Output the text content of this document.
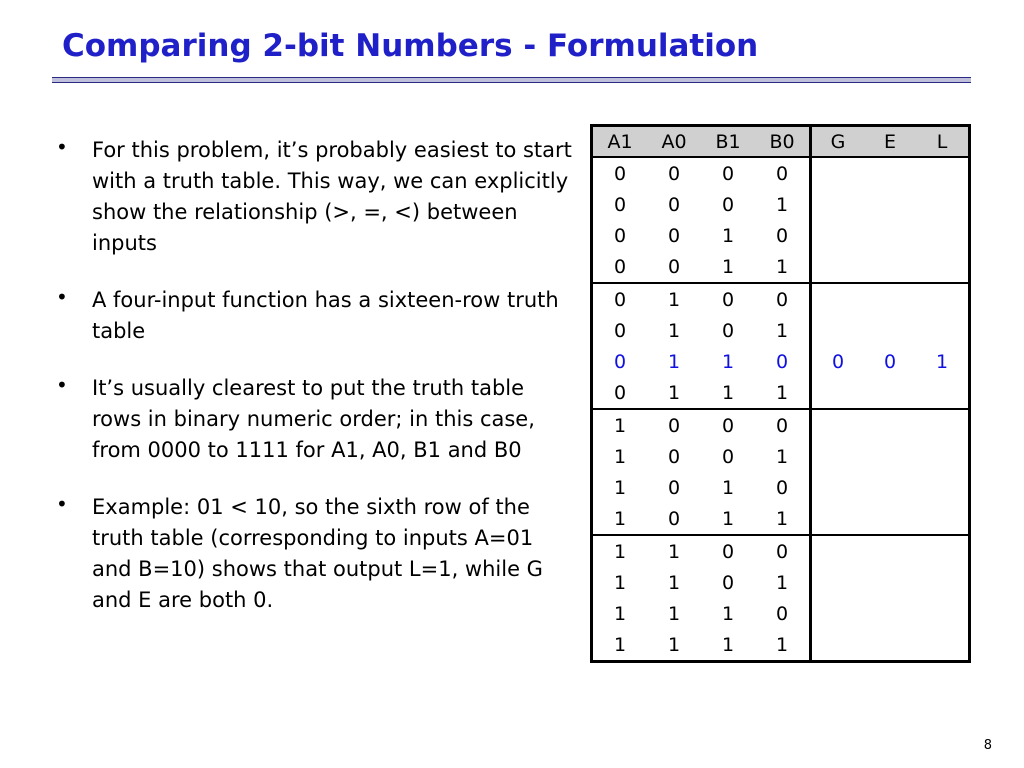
Comparing 2-bit Numbers - Formulation
• For this problem, it’s probably easiest to start with a truth table. This way, we can explicitly show the relationship (>, =, <) between inputs
• A four-input function has a sixteen-row truth table
• It’s usually clearest to put the truth table rows in binary numeric order; in this case, from 0000 to 1111 for A1, A0, B1 and B0
• Example: 01 < 10, so the sixth row of the truth table (corresponding to inputs A=01 and B=10) shows that output L=1, while G and E are both 0.
A1	A0	B1	B0	G	E	L
0	0	0	0			
0	0	0	1			
0	0	1	0			
0	0	1	1			
0	1	0	0			
0	1	0	1			
0	1	1	0	0	0	1
0	1	1	1			
1	0	0	0			
1	0	0	1			
1	0	1	0			
1	0	1	1			
1	1	0	0			
1	1	0	1			
1	1	1	0			
1	1	1	1			
8
